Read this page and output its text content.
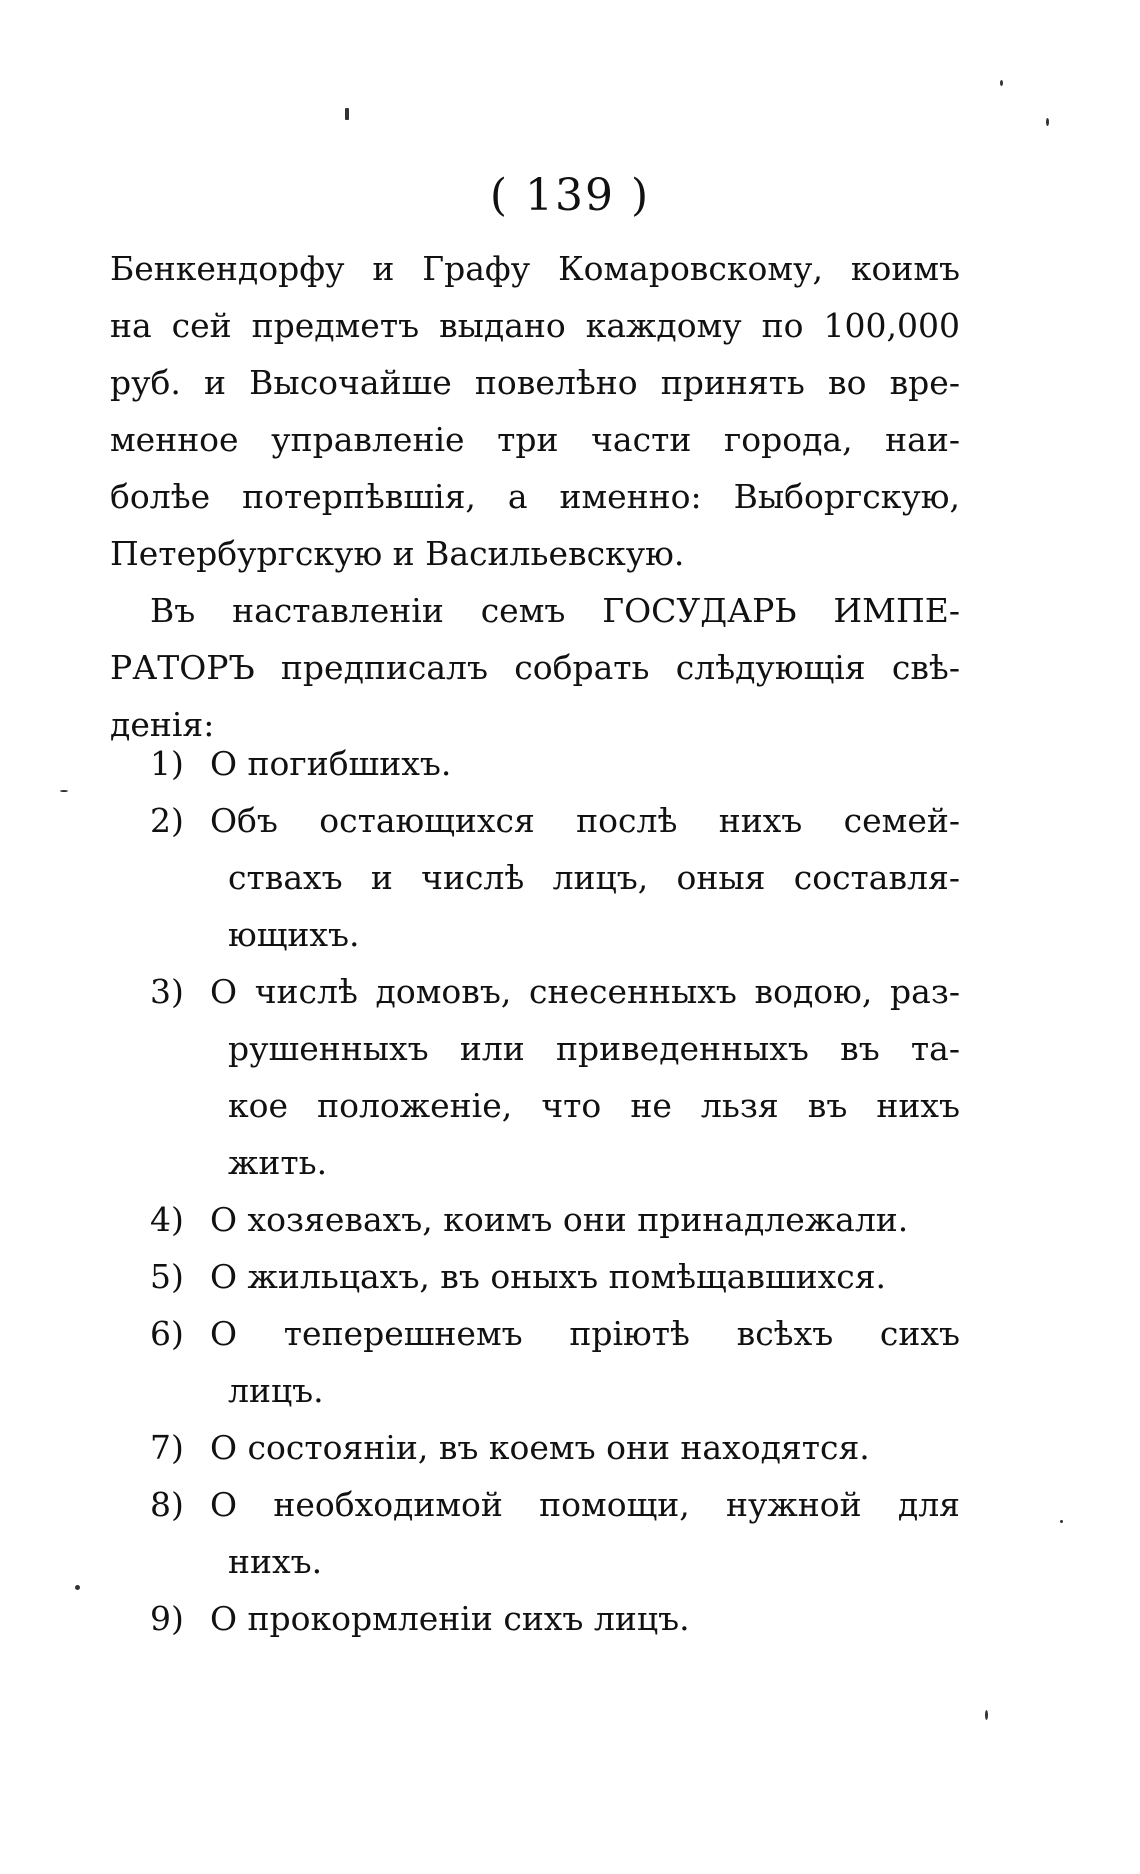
( 139 )
Бенкендорфу и Графу Комаровскому, коимъ
на сей предметъ выдано каждому по 100,000
руб. и Высочайше повелѣно принять во вре-
менное управленіе три части города, наи-
болѣе потерпѣвшія, а именно: Выборгскую,
Петербургскую и Васильевскую.
Въ наставленіи семъ ГОСУДАРЬ ИМПЕ-
РАТОРЪ предписалъ собрать слѣдующія свѣ-
денія:
1) О погибшихъ.
2) Объ остающихся послѣ нихъ семей-
ствахъ и числѣ лицъ, оныя составля-
ющихъ.
3) О числѣ домовъ, снесенныхъ водою, раз-
рушенныхъ или приведенныхъ въ та-
кое положеніе, что не льзя въ нихъ
жить.
4) О хозяевахъ, коимъ они принадлежали.
5) О жильцахъ, въ оныхъ помѣщавшихся.
6) О теперешнемъ пріютѣ всѣхъ сихъ
лицъ.
7) О состояніи, въ коемъ они находятся.
8) О необходимой помощи, нужной для
нихъ.
9) О прокормленіи сихъ лицъ.
